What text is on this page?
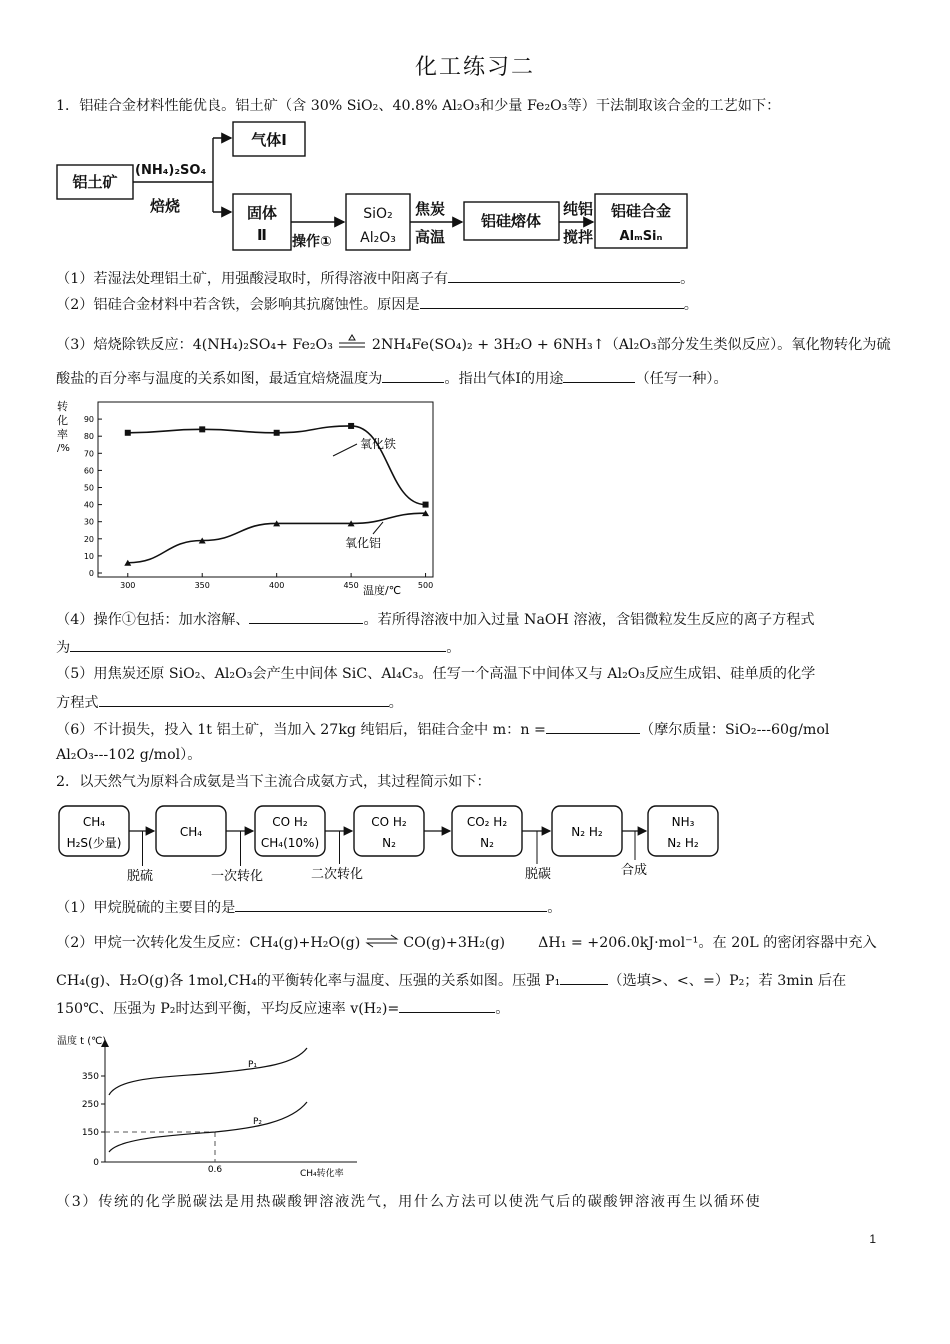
化工练习二
1．铝硅合金材料性能优良。铝土矿（含 30% SiO₂、40.8% Al₂O₃和少量 Fe₂O₃等）干法制取该合金的工艺如下：
铝土矿
(NH₄)₂SO₄
焙烧
气体Ⅰ
固体
Ⅱ 操作①
SiO₂
Al₂O₃
焦炭
高温
铝硅熔体
纯铝
搅拌
铝硅合金
AlₘSiₙ
（1）若湿法处理铝土矿，用强酸浸取时，所得溶液中阳离子有	。
（2）铝硅合金材料中若含铁，会影响其抗腐蚀性。原因是	。
（3）焙烧除铁反应：4(NH₄)₂SO₄+ Fe₂O₃	2NH₄Fe(SO₄)₂ + 3H₂O + 6NH₃↑（Al₂O₃部分发生类似反应）。氧化物转化为硫
酸盐的百分率与温度的关系如图，最适宜焙烧温度为	。指出气体Ⅰ的用途	（任写一种）。
转
化
率
/%
0
10
20
30
40
50
60
70
80
90
300	350	400	450	500
温度/℃
氧化铁
氧化铝
（4）操作①包括：加水溶解、	。若所得溶液中加入过量 NaOH 溶液，含铝微粒发生反应的离子方程式
为	。
（5）用焦炭还原 SiO₂、Al₂O₃会产生中间体 SiC、Al₄C₃。任写一个高温下中间体又与 Al₂O₃反应生成铝、硅单质的化学
方程式	。
（6）不计损失，投入 1t 铝土矿，当加入 27kg 纯铝后，铝硅合金中 m：n =	（摩尔质量：SiO₂---60g/mol
Al₂O₃---102 g/mol）。
2．以天然气为原料合成氨是当下主流合成氨方式，其过程简示如下：
CH₄
H₂S(少量)
CH₄
CO H₂
CH₄(10%)
CO H₂
N₂
CO₂ H₂
N₂
N₂ H₂
NH₃
N₂ H₂
脱硫	一次转化	二次转化	脱碳	合成
（1）甲烷脱硫的主要目的是	。
（2）甲烷一次转化发生反应：CH₄(g)+H₂O(g) ⇌ CO(g)+3H₂(g) ΔH₁ = +206.0kJ·mol⁻¹。在 20L 的密闭容器中充入
CH₄(g)、H₂O(g)各 1mol,CH₄的平衡转化率与温度、压强的关系如图。压强 P₁	（选填>、<、=）P₂；若 3min 后在
150℃、压强为 P₂时达到平衡，平均反应速率 v(H₂)=	。
温度 t (℃)
0
150
250
350
0.6
P₁
P₂
CH₄转化率
（3）传统的化学脱碳法是用热碳酸钾溶液洗气，用什么方法可以使洗气后的碳酸钾溶液再生以循环使
1
